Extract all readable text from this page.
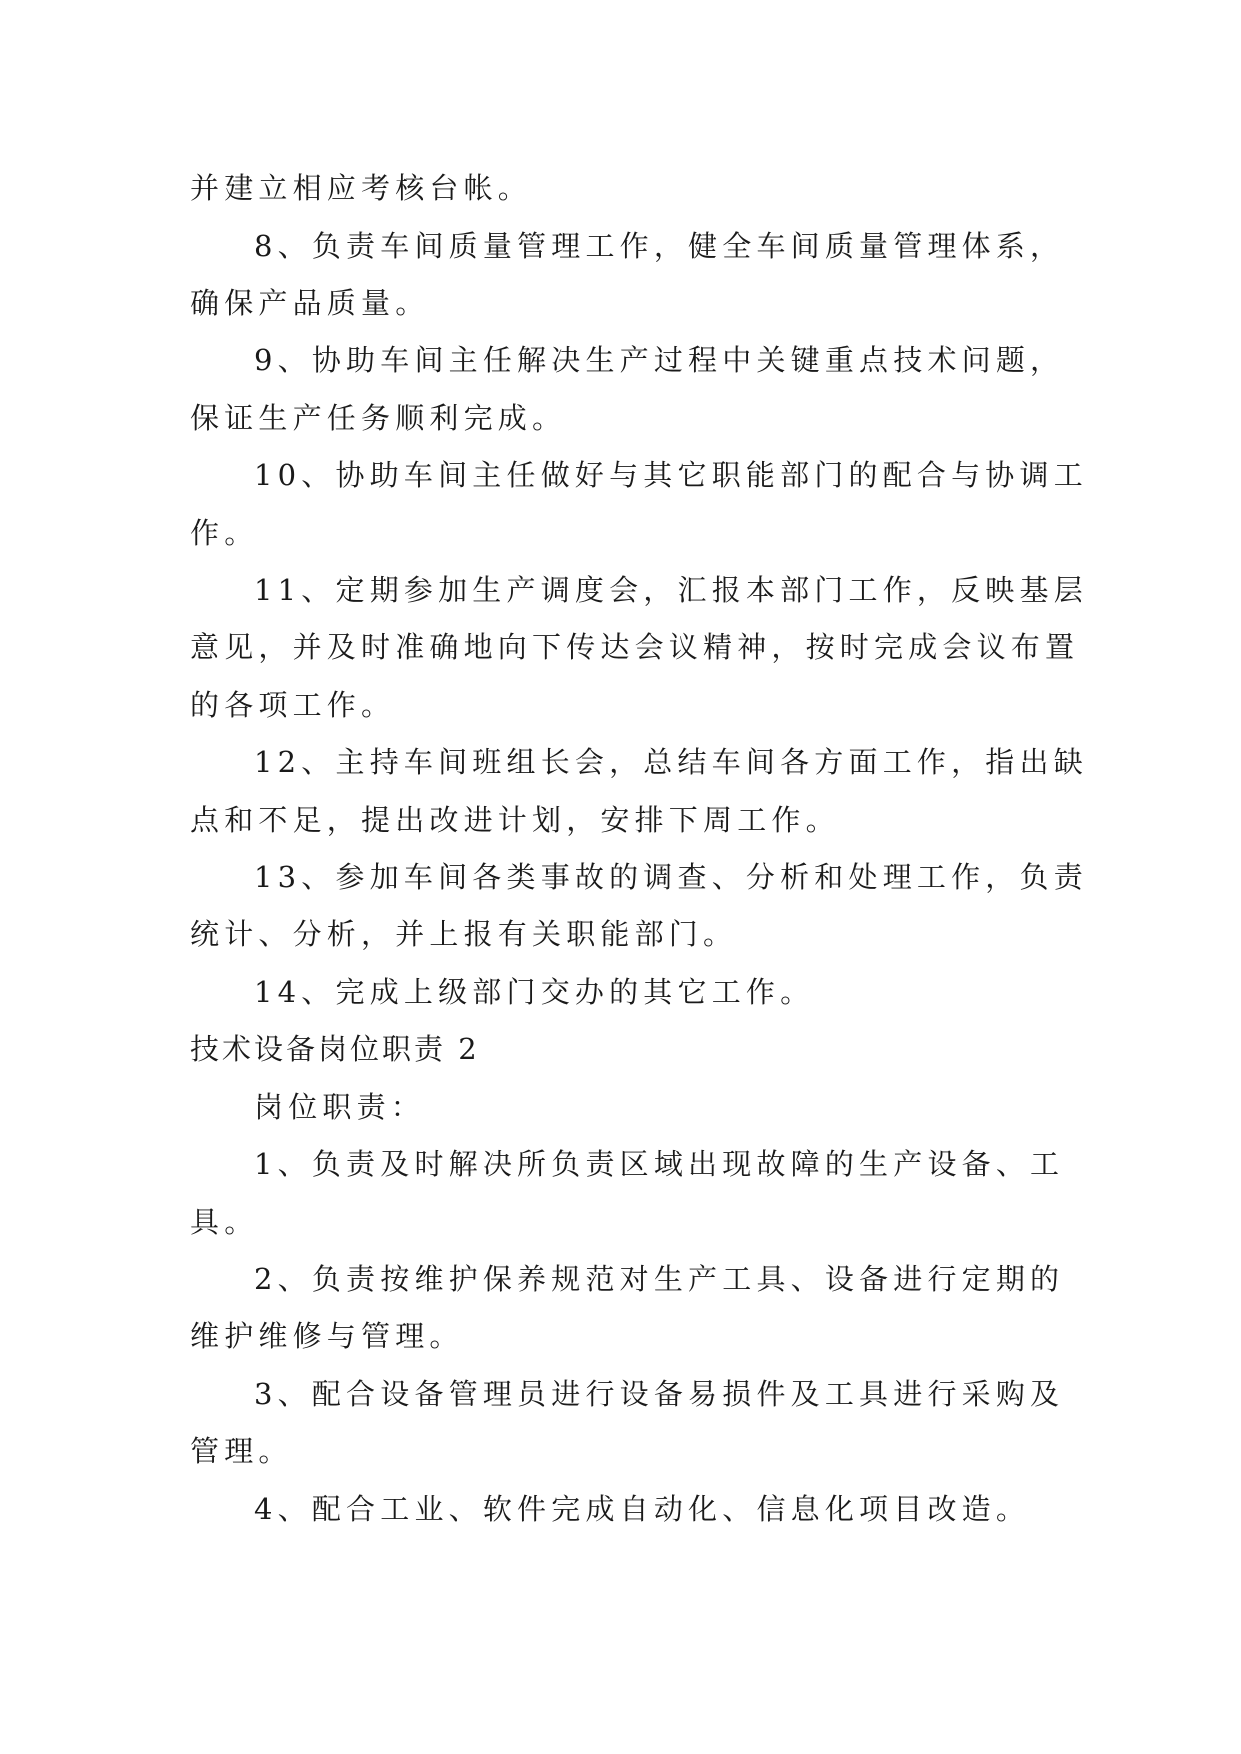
并建立相应考核台帐。
8、负责车间质量管理工作，健全车间质量管理体系，
确保产品质量。
9、协助车间主任解决生产过程中关键重点技术问题，
保证生产任务顺利完成。
10、协助车间主任做好与其它职能部门的配合与协调工
作。
11、定期参加生产调度会，汇报本部门工作，反映基层
意见，并及时准确地向下传达会议精神，按时完成会议布置
的各项工作。
12、主持车间班组长会，总结车间各方面工作，指出缺
点和不足，提出改进计划，安排下周工作。
13、参加车间各类事故的调查、分析和处理工作，负责
统计、分析，并上报有关职能部门。
14、完成上级部门交办的其它工作。
技术设备岗位职责 2
岗位职责：
1、负责及时解决所负责区域出现故障的生产设备、工
具。
2、负责按维护保养规范对生产工具、设备进行定期的
维护维修与管理。
3、配合设备管理员进行设备易损件及工具进行采购及
管理。
4、配合工业、软件完成自动化、信息化项目改造。
